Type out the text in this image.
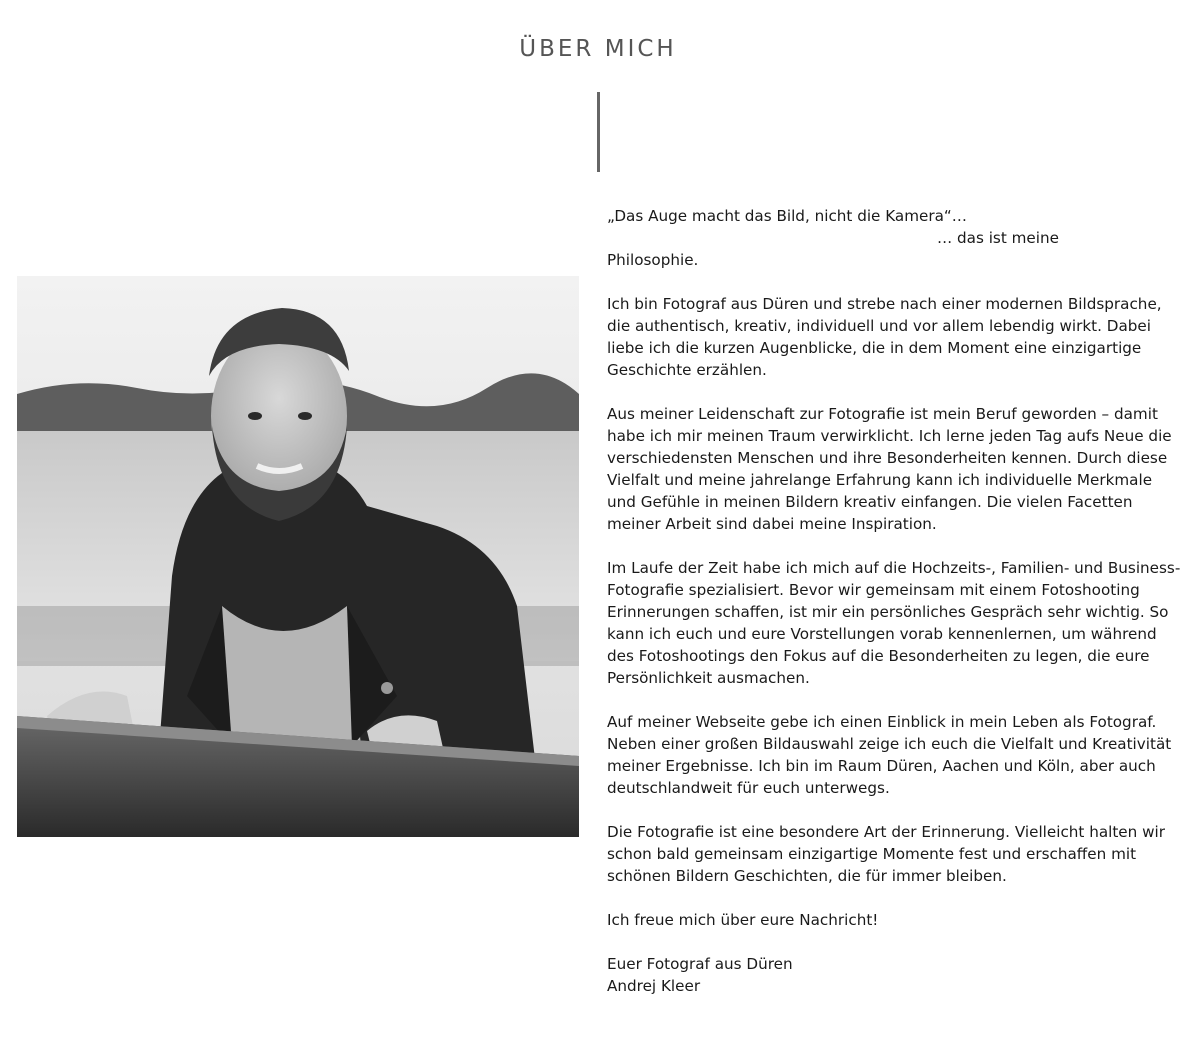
ÜBER MICH

„Das Auge macht das Bild, nicht die Kamera“…
… das ist meine
Philosophie.

Ich bin Fotograf aus Düren und strebe nach einer modernen Bildsprache, die authentisch, kreativ, individuell und vor allem lebendig wirkt. Dabei liebe ich die kurzen Augenblicke, die in dem Moment eine einzigartige Geschichte erzählen.

Aus meiner Leidenschaft zur Fotografie ist mein Beruf geworden – damit habe ich mir meinen Traum verwirklicht. Ich lerne jeden Tag aufs Neue die verschiedensten Menschen und ihre Besonderheiten kennen. Durch diese Vielfalt und meine jahrelange Erfahrung kann ich individuelle Merkmale und Gefühle in meinen Bildern kreativ einfangen. Die vielen Facetten meiner Arbeit sind dabei meine Inspiration.

Im Laufe der Zeit habe ich mich auf die Hochzeits-, Familien- und Business-Fotografie spezialisiert. Bevor wir gemeinsam mit einem Fotoshooting Erinnerungen schaffen, ist mir ein persönliches Gespräch sehr wichtig. So kann ich euch und eure Vorstellungen vorab kennenlernen, um während des Fotoshootings den Fokus auf die Besonderheiten zu legen, die eure Persönlichkeit ausmachen.

Auf meiner Webseite gebe ich einen Einblick in mein Leben als Fotograf. Neben einer großen Bildauswahl zeige ich euch die Vielfalt und Kreativität meiner Ergebnisse. Ich bin im Raum Düren, Aachen und Köln, aber auch deutschlandweit für euch unterwegs.

Die Fotografie ist eine besondere Art der Erinnerung. Vielleicht halten wir schon bald gemeinsam einzigartige Momente fest und erschaffen mit schönen Bildern Geschichten, die für immer bleiben.

Ich freue mich über eure Nachricht!

Euer Fotograf aus Düren
Andrej Kleer
